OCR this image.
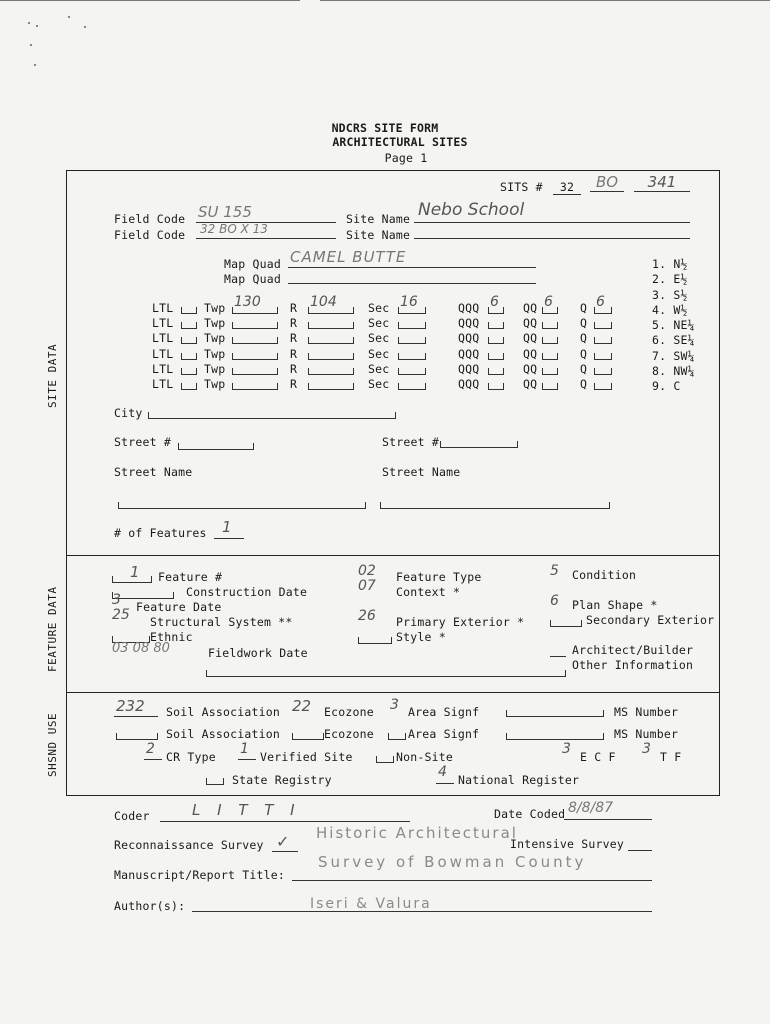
NDCRS SITE FORM
ARCHITECTURAL SITES
Page 1
SITE DATA
FEATURE DATA
SHSND USE
SITS #	32	BO	341
Field Code SU 155
Field Code 32 BO X 13
Site Name Nebo School
Site Name
Map Quad CAMEL BUTTE
Map Quad
1. N½
2. E½
3. S½
4. W½
5. NE¼
6. SE¼
7. SW¼
8. NW¼
9. C
LTL	Twp 130	R 104	Sec 16	QQQ 6 QQ 6 Q 6
LTL	Twp	R	Sec	QQQ	QQ	Q
LTL	Twp	R	Sec	QQQ	QQ	Q
LTL	Twp	R	Sec	QQQ	QQ	Q
LTL	Twp	R	Sec	QQQ	QQ	Q
LTL	Twp	R	Sec	QQQ	QQ	Q
City
Street #	Street #
Street Name	Street Name
# of Features 1
1 Feature #
Construction Date
3 Feature Date
25 Structural System **
Ethnic
03 08 80	Fieldwork Date
02 Feature Type
07 Context *
26 Primary Exterior *
Style *
5 Condition
6 Plan Shape *
Secondary Exterior
Architect/Builder
Other Information
232 Soil Association 22 Ecozone 3 Area Signf	MS Number
Soil Association	Ecozone	Area Signf	MS Number
2 CR Type 1 Verified Site	Non-Site	3 E C F 3 T F
State Registry	4 National Register
Coder	L I T T I	Date Coded 8/8/87
Reconnaissance Survey ✓ Historic Architectural
Intensive Survey
Manuscript/Report Title:
Survey of Bowman County
Author(s):	Iseri & Valura
